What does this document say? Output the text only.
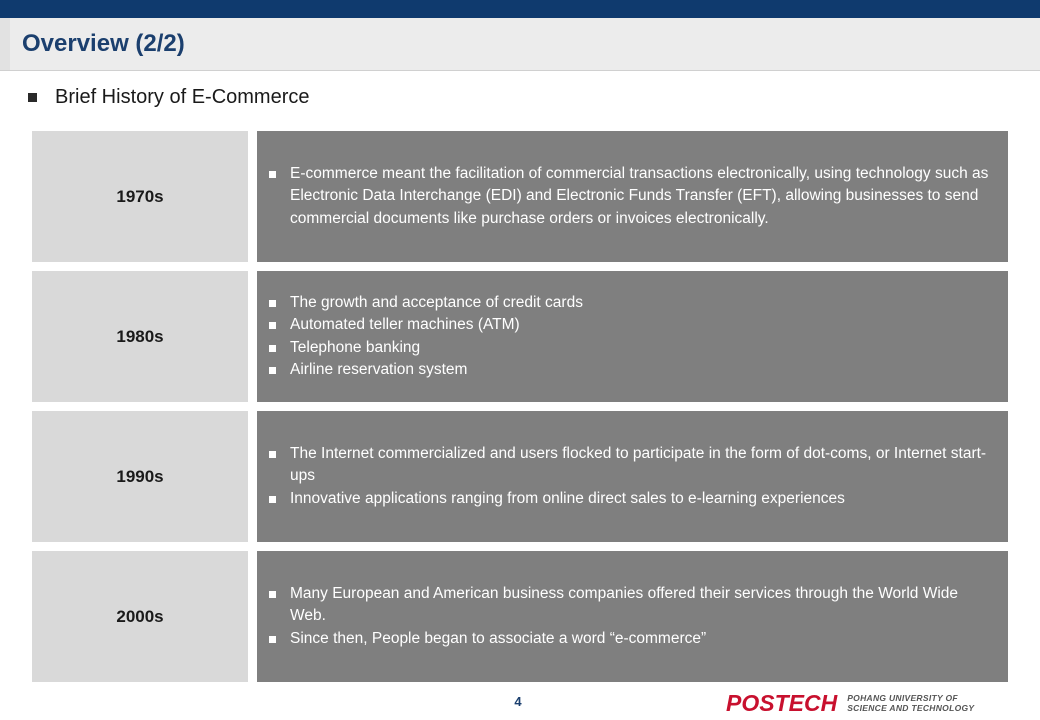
Overview (2/2)
Brief History of E-Commerce
1970s
E-commerce meant the facilitation of commercial transactions electronically, using technology such as Electronic Data Interchange (EDI) and Electronic Funds Transfer (EFT), allowing businesses to send commercial documents like purchase orders or invoices electronically.
1980s
The growth and acceptance of credit cards
Automated teller machines (ATM)
Telephone banking
Airline reservation system
1990s
The Internet commercialized and users flocked to participate in the form of dot-coms, or Internet start-ups
Innovative applications ranging from online direct sales to e-learning experiences
2000s
Many European and American business companies offered their services through the World Wide Web.
Since then, People began to associate a word “e-commerce”
4	POSTECH POHANG UNIVERSITY OF
SCIENCE AND TECHNOLOGY
